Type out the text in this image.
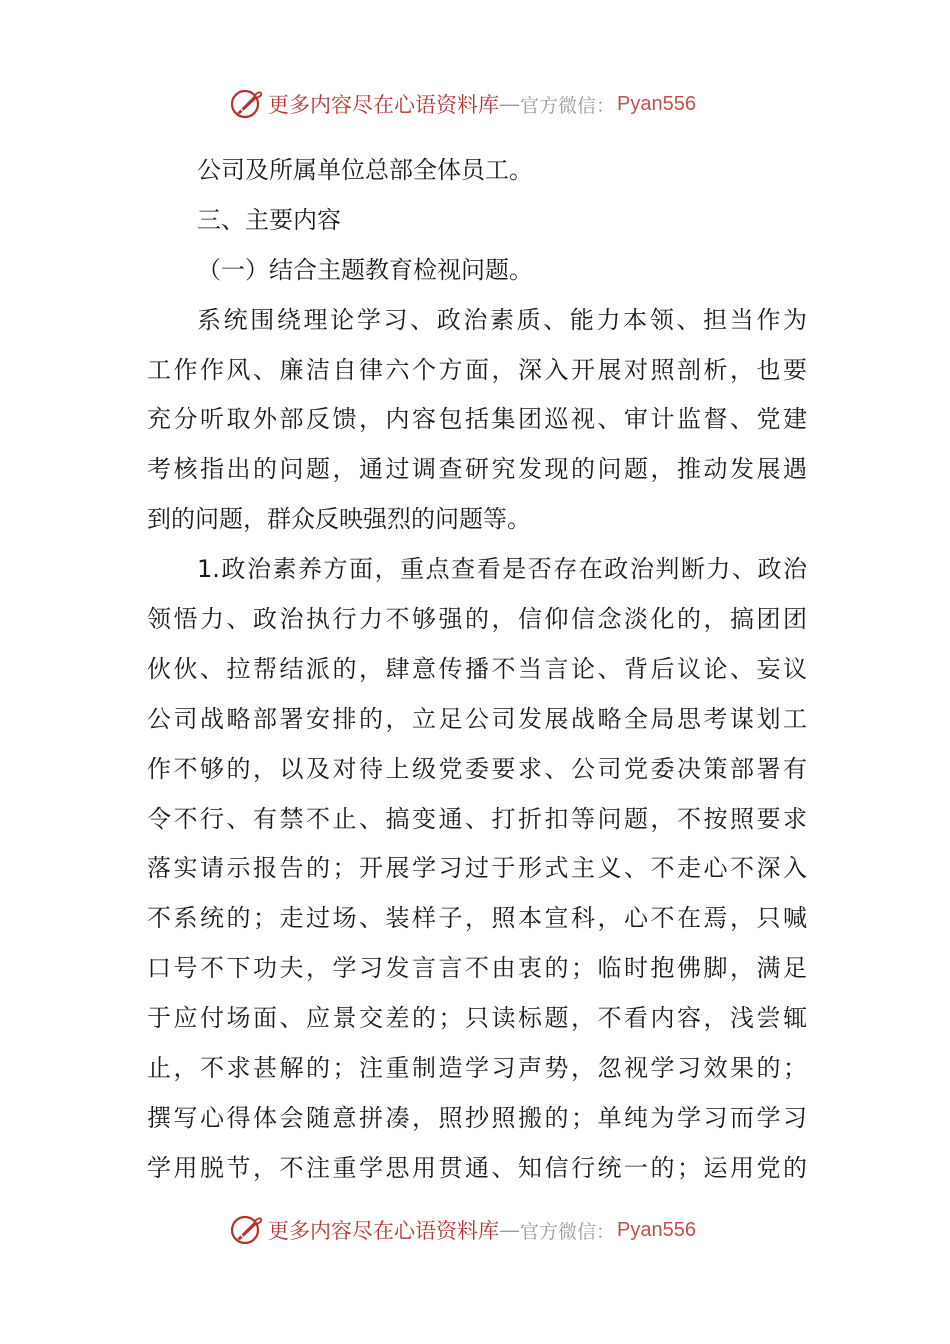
更多内容尽在心语资料库 — 官方微信： Pyan556
公司及所属单位总部全体员工。
三、主要内容
（一）结合主题教育检视问题。
系统围绕理论学习、政治素质、能力本领、担当作为
工作作风、廉洁自律六个方面，深入开展对照剖析，也要
充分听取外部反馈，内容包括集团巡视、审计监督、党建
考核指出的问题，通过调查研究发现的问题，推动发展遇
到的问题，群众反映强烈的问题等。
1.政治素养方面，重点查看是否存在政治判断力、政治
领悟力、政治执行力不够强的，信仰信念淡化的，搞团团
伙伙、拉帮结派的，肆意传播不当言论、背后议论、妄议
公司战略部署安排的，立足公司发展战略全局思考谋划工
作不够的，以及对待上级党委要求、公司党委决策部署有
令不行、有禁不止、搞变通、打折扣等问题，不按照要求
落实请示报告的；开展学习过于形式主义、不走心不深入
不系统的；走过场、装样子，照本宣科，心不在焉，只喊
口号不下功夫，学习发言言不由衷的；临时抱佛脚，满足
于应付场面、应景交差的；只读标题，不看内容，浅尝辄
止，不求甚解的；注重制造学习声势，忽视学习效果的；
撰写心得体会随意拼凑，照抄照搬的；单纯为学习而学习
学用脱节，不注重学思用贯通、知信行统一的；运用党的
更多内容尽在心语资料库 — 官方微信： Pyan556
